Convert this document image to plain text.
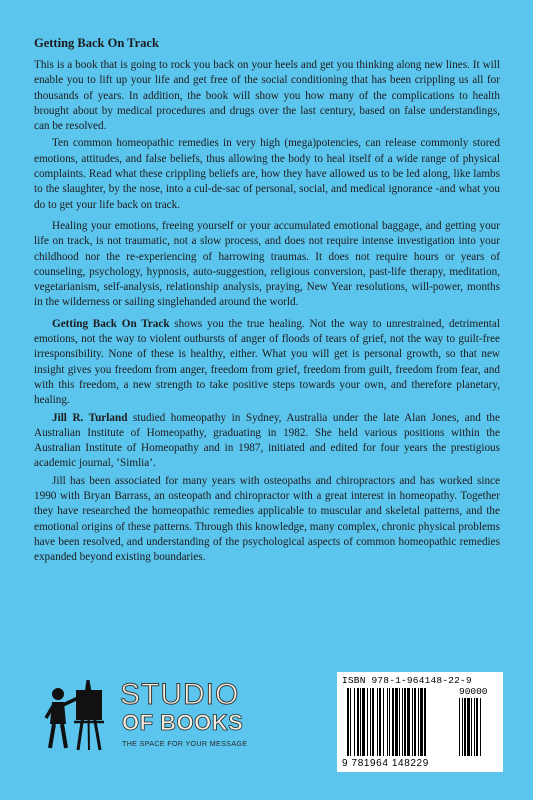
Getting Back On Track

This is a book that is going to rock you back on your heels and get you thinking along new lines. It will enable you to lift up your life and get free of the social conditioning that has been crippling us all for thousands of years. In addition, the book will show you how many of the complications to health brought about by medical procedures and drugs over the last century, based on false understandings, can be resolved.

Ten common homeopathic remedies in very high (mega)potencies, can release commonly stored emotions, attitudes, and false beliefs, thus allowing the body to heal itself of a wide range of physical complaints. Read what these crippling beliefs are, how they have allowed us to be led along, like lambs to the slaughter, by the nose, into a cul-de-sac of personal, social, and medical ignorance -and what you do to get your life back on track.

Healing your emotions, freeing yourself or your accumulated emotional baggage, and getting your life on track, is not traumatic, not a slow process, and does not require intense investigation into your childhood nor the re-experiencing of harrowing traumas. It does not require hours or years of counseling, psychology, hypnosis, auto-suggestion, religious conversion, past-life therapy, meditation, vegetarianism, self-analysis, relationship analysis, praying, New Year resolutions, will-power, months in the wilderness or sailing singlehanded around the world.

Getting Back On Track shows you the true healing. Not the way to unrestrained, detrimental emotions, not the way to violent outbursts of anger of floods of tears of grief, not the way to guilt-free irresponsibility. None of these is healthy, either. What you will get is personal growth, so that new insight gives you freedom from anger, freedom from grief, freedom from guilt, freedom from fear, and with this freedom, a new strength to take positive steps towards your own, and therefore planetary, healing.

Jill R. Turland studied homeopathy in Sydney, Australia under the late Alan Jones, and the Australian Institute of Homeopathy, graduating in 1982. She held various positions within the Australian Institute of Homeopathy and in 1987, initiated and edited for four years the prestigious academic journal, ‘Simlia’.

Jill has been associated for many years with osteopaths and chiropractors and has worked since 1990 with Bryan Barrass, an osteopath and chiropractor with a great interest in homeopathy. Together they have researched the homeopathic remedies applicable to muscular and skeletal patterns, and the emotional origins of these patterns. Through this knowledge, many complex, chronic physical problems have been resolved, and understanding of the psychological aspects of common homeopathic remedies expanded beyond existing boundaries.

STUDIO
OF BOOKS
THE SPACE FOR YOUR MESSAGE
ISBN 978-1-964148-22-9
90000
9 781964 148229
